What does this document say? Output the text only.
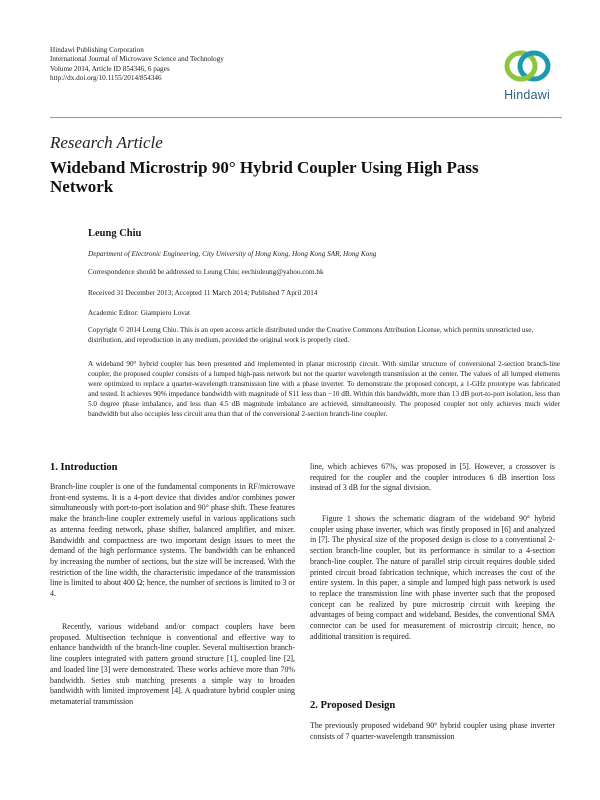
Hindawi Publishing Corporation
International Journal of Microwave Science and Technology
Volume 2014, Article ID 854346, 6 pages
http://dx.doi.org/10.1155/2014/854346
Hindawi
Research Article
Wideband Microstrip 90° Hybrid Coupler Using High Pass Network
Leung Chiu
Department of Electronic Engineering, City University of Hong Kong, Hong Kong SAR, Hong Kong
Correspondence should be addressed to Leung Chiu; eechiuleung@yahoo.com.hk
Received 31 December 2013; Accepted 11 March 2014; Published 7 April 2014
Academic Editor: Giampiero Lovat
Copyright © 2014 Leung Chiu. This is an open access article distributed under the Creative Commons Attribution License, which permits unrestricted use, distribution, and reproduction in any medium, provided the original work is properly cited.
A wideband 90° hybrid coupler has been presented and implemented in planar microstrip circuit. With similar structure of conversional 2-section branch-line coupler, the proposed coupler consists of a lumped high-pass network but not the quarter wavelength transmission at the center. The values of all lumped elements were optimized to replace a quarter-wavelength transmission line with a phase inverter. To demonstrate the proposed concept, a 1-GHz prototype was fabricated and tested. It achieves 90% impedance bandwidth with magnitude of S11 less than −10 dB. Within this bandwidth, more than 13 dB port-to-port isolation, less than 5.0 degree phase imbalance, and less than 4.5 dB magnitude imbalance are achieved, simultaneously. The proposed coupler not only achieves much wider bandwidth but also occupies less circuit area than that of the conversional 2-section branch-line coupler.
1. Introduction
Branch-line coupler is one of the fundamental components in RF/microwave front-end systems. It is a 4-port device that divides and/or combines power simultaneously with port-to-port isolation and 90° phase shift. These features make the branch-line coupler extremely useful in various applications such as antenna feeding network, phase shifter, balanced amplifier, and mixer. Bandwidth and compactness are two important design issues to meet the demand of the high performance systems. The bandwidth can be enhanced by increasing the number of sections, but the size will be increased. With the restriction of the line width, the characteristic impedance of the transmission line is limited to about 400 Ω; hence, the number of sections is limited to 3 or 4.
Recently, various wideband and/or compact couplers have been proposed. Multisection technique is conventional and effective way to enhance bandwidth of the branch-line coupler. Several multisection branch-line couplers integrated with pattern ground structure [1], coupled line [2], and loaded line [3] were demonstrated. These works achieve more than 70% bandwidth. Series stub matching presents a simple way to broaden bandwidth with limited improvement [4]. A quadrature hybrid coupler using metamaterial transmission
line, which achieves 67%, was proposed in [5]. However, a crossover is required for the coupler and the coupler introduces 6 dB insertion loss instead of 3 dB for the signal division.
Figure 1 shows the schematic diagram of the wideband 90° hybrid coupler using phase inverter, which was firstly proposed in [6] and analyzed in [7]. The physical size of the proposed design is close to a conventional 2-section branch-line coupler, but its performance is similar to a 4-section branch-line coupler. The nature of parallel strip circuit requires double sided printed circuit broad fabrication technique, which increases the cost of the entire system. In this paper, a simple and lumped high pass network is used to replace the transmission line with phase inverter such that the proposed concept can be realized by pure microstrip circuit with keeping the advantages of being compact and wideband. Besides, the conventional SMA connector can be used for measurement of microstrip circuit; hence, no additional transition is required.
2. Proposed Design
The previously proposed wideband 90° hybrid coupler using phase inverter consists of 7 quarter-wavelength transmission
